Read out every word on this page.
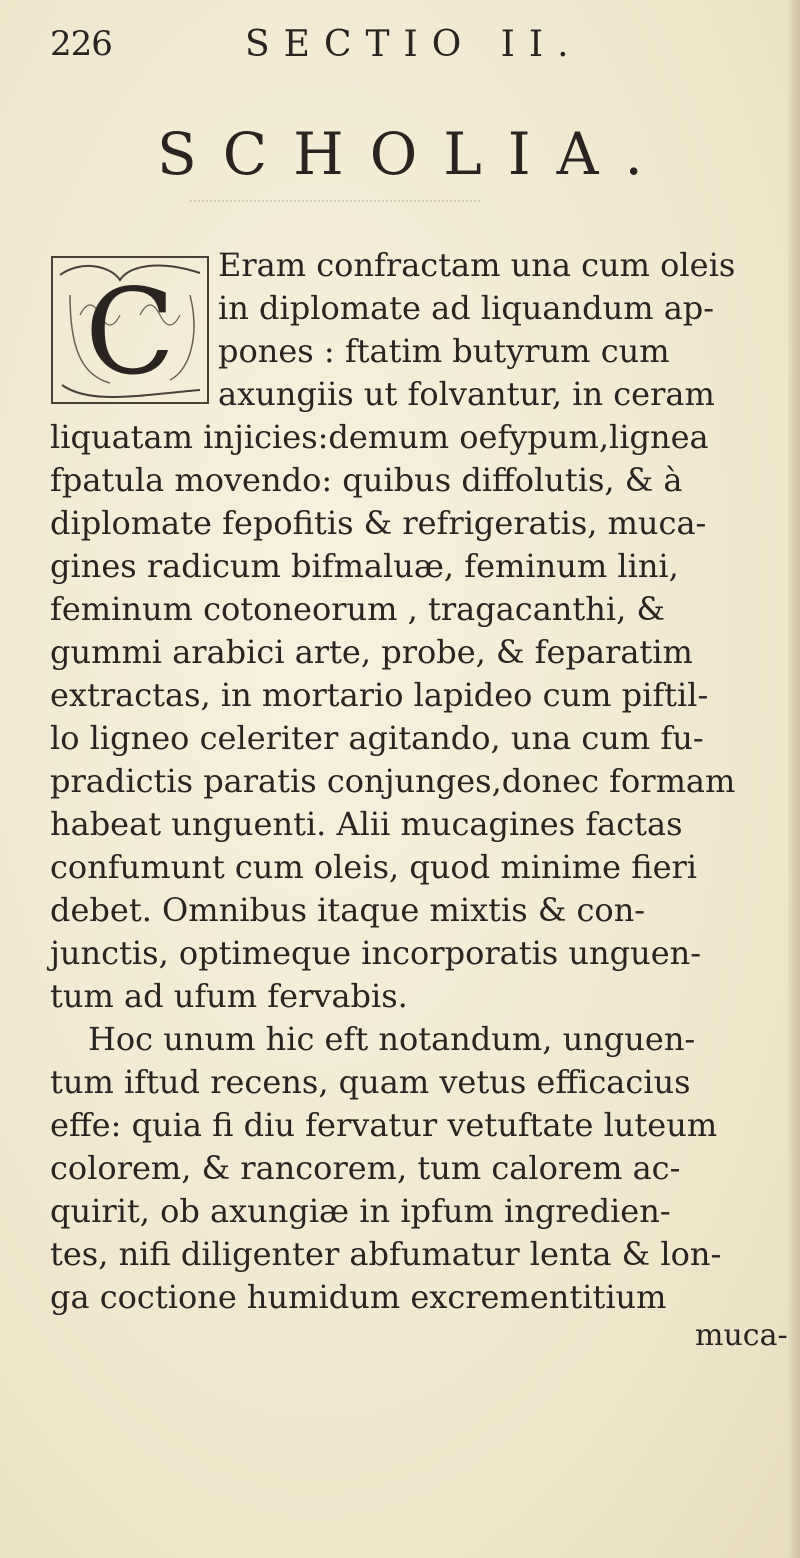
226	SECTIO II.
SCHOLIA.
C Eram confractam una cum oleis
in diplomate ad liquandum ap-
pones : ftatim butyrum cum
axungiis ut folvantur, in ceram
liquatam injicies:demum oefypum,lignea
fpatula movendo: quibus diffolutis, & à
diplomate fepofitis & refrigeratis, muca-
gines radicum bifmaluæ, feminum lini,
feminum cotoneorum , tragacanthi, &
gummi arabici arte, probe, & feparatim
extractas, in mortario lapideo cum piftil-
lo ligneo celeriter agitando, una cum fu-
pradictis paratis conjunges,donec formam
habeat unguenti. Alii mucagines factas
confumunt cum oleis, quod minime fieri
debet. Omnibus itaque mixtis & con-
junctis, optimeque incorporatis unguen-
tum ad ufum fervabis.
Hoc unum hic eft notandum, unguen-
tum iftud recens, quam vetus efficacius
effe: quia fi diu fervatur vetuftate luteum
colorem, & rancorem, tum calorem ac-
quirit, ob axungiæ in ipfum ingredien-
tes, nifi diligenter abfumatur lenta & lon-
ga coctione humidum excrementitium
muca-
